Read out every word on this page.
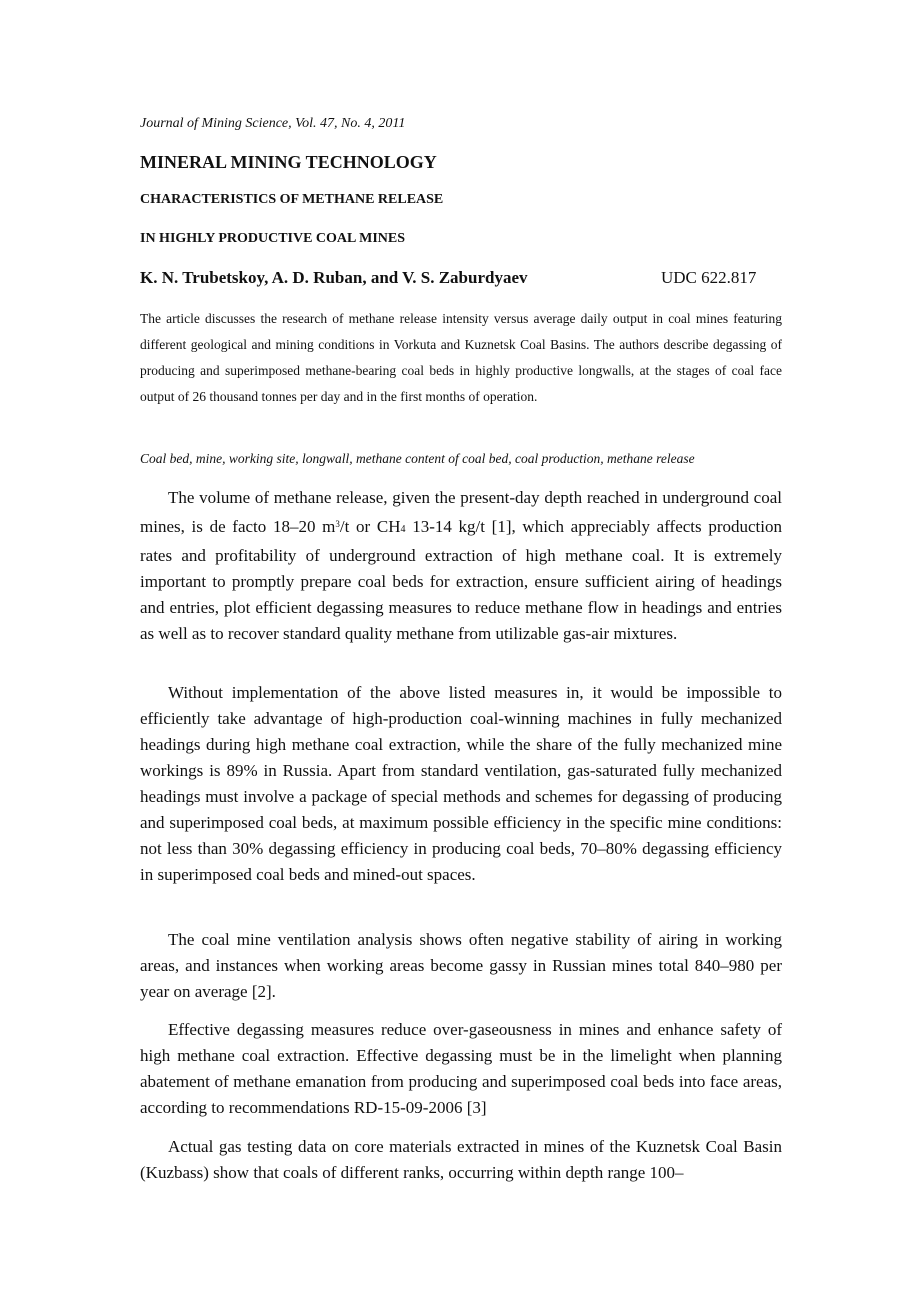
Journal of Mining Science, Vol. 47, No. 4, 2011
MINERAL MINING TECHNOLOGY
CHARACTERISTICS OF METHANE RELEASE
IN HIGHLY PRODUCTIVE COAL MINES
K. N. Trubetskoy, A. D. Ruban, and V. S. Zaburdyaev	UDC 622.817

The article discusses the research of methane release intensity versus average daily output in coal mines featuring different geological and mining conditions in Vorkuta and Kuznetsk Coal Basins. The authors describe degassing of producing and superimposed methane-bearing coal beds in highly productive longwalls, at the stages of coal face output of 26 thousand tonnes per day and in the first months of operation.

Coal bed, mine, working site, longwall, methane content of coal bed, coal production, methane release

The volume of methane release, given the present-day depth reached in underground coal mines, is de facto 18–20 $m^3/t$ or CH4 13-14 kg/t [1], which appreciably affects production rates and profitability of underground extraction of high methane coal. It is extremely important to promptly prepare coal beds for extraction, ensure sufficient airing of headings and entries, plot efficient degassing measures to reduce methane flow in headings and entries as well as to recover standard quality methane from utilizable gas-air mixtures.

Without implementation of the above listed measures in, it would be impossible to efficiently take advantage of high-production coal-winning machines in fully mechanized headings during high methane coal extraction, while the share of the fully mechanized mine workings is 89% in Russia. Apart from standard ventilation, gas-saturated fully mechanized headings must involve a package of special methods and schemes for degassing of producing and superimposed coal beds, at maximum possible efficiency in the specific mine conditions: not less than 30% degassing efficiency in producing coal beds, 70–80% degassing efficiency in superimposed coal beds and mined-out spaces.

The coal mine ventilation analysis shows often negative stability of airing in working areas, and instances when working areas become gassy in Russian mines total 840–980 per year on average [2].

Effective degassing measures reduce over-gaseousness in mines and enhance safety of high methane coal extraction. Effective degassing must be in the limelight when planning abatement of methane emanation from producing and superimposed coal beds into face areas, according to recommendations RD-15-09-2006 [3]

Actual gas testing data on core materials extracted in mines of the Kuznetsk Coal Basin (Kuzbass) show that coals of different ranks, occurring within depth range 100–
